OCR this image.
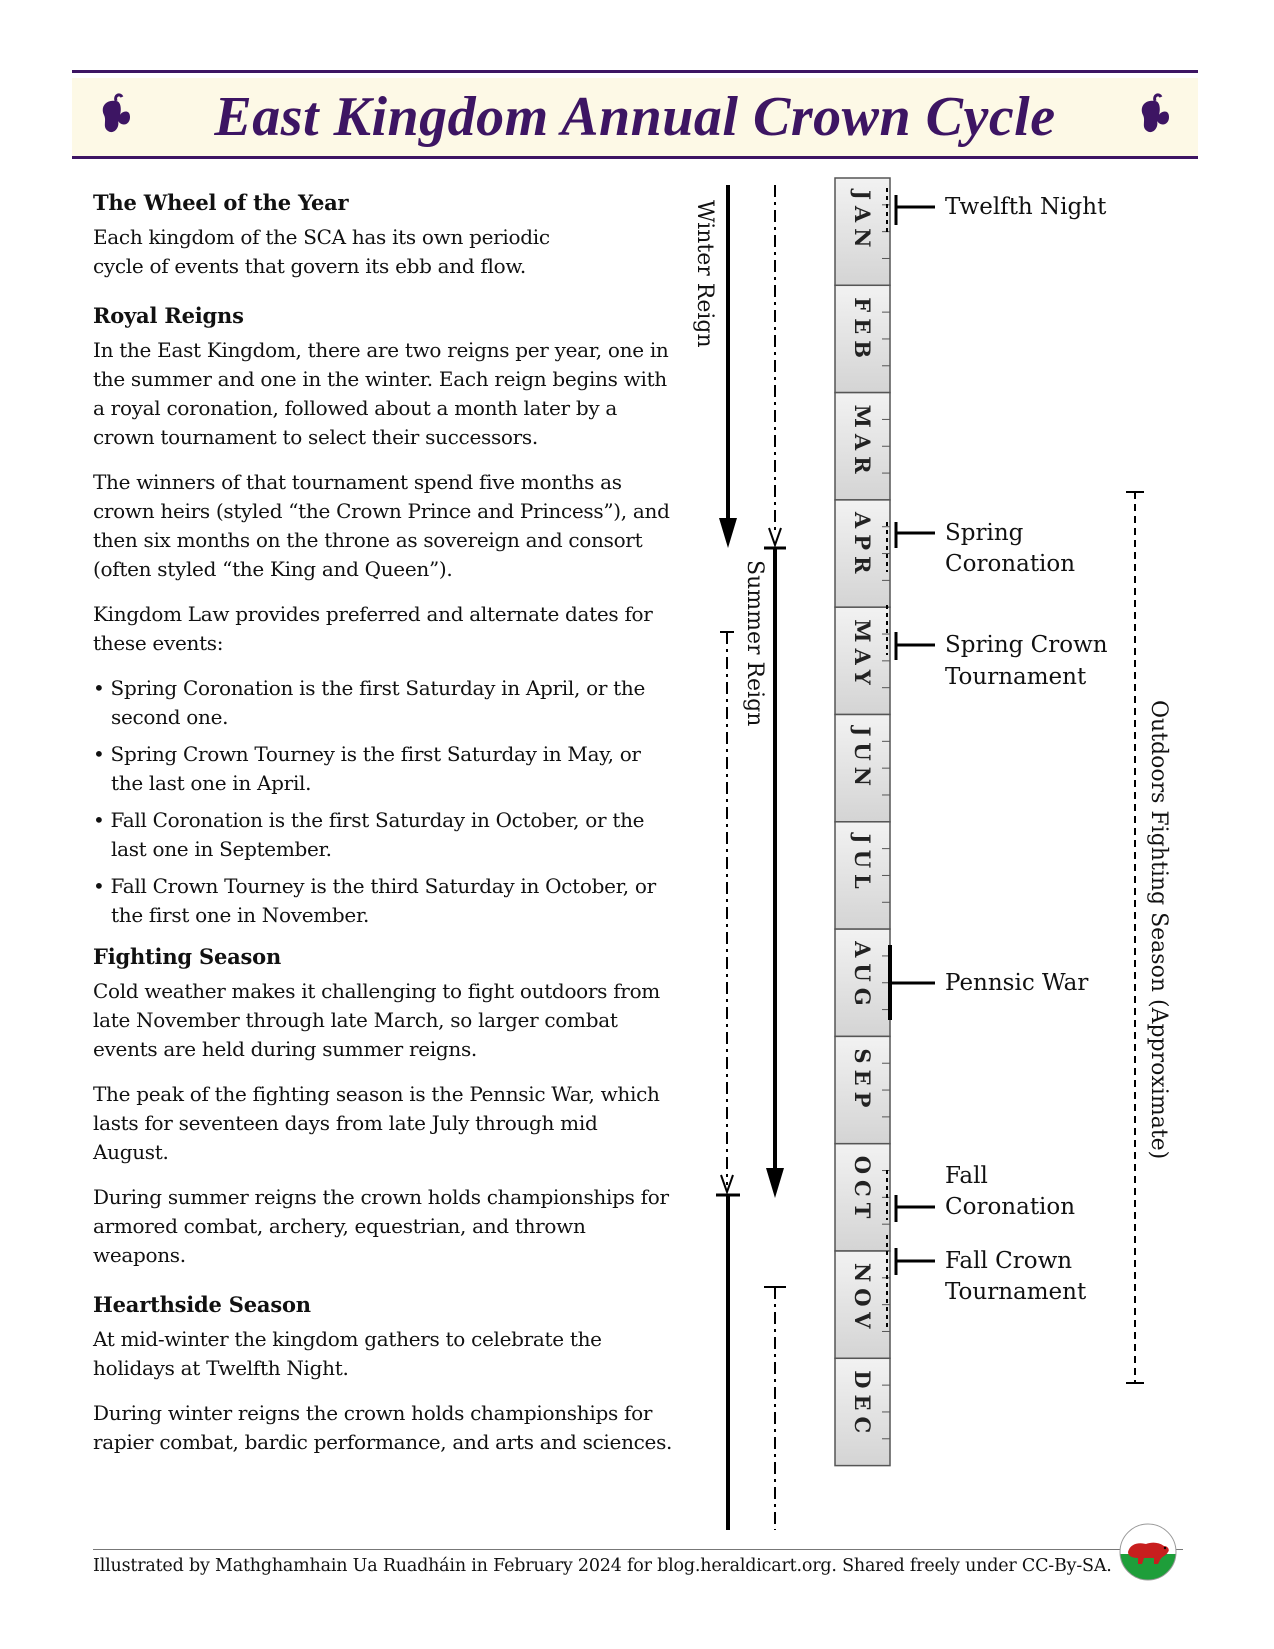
East Kingdom Annual Crown Cycle
The Wheel of the Year

Each kingdom of the SCA has its own periodic cycle of events that govern its ebb and flow.

Royal Reigns

In the East Kingdom, there are two reigns per year, one in the summer and one in the winter. Each reign begins with a royal coronation, followed about a month later by a crown tournament to select their successors.

The winners of that tournament spend five months as crown heirs (styled “the Crown Prince and Princess”), and then six months on the throne as sovereign and consort (often styled “the King and Queen”).

Kingdom Law provides preferred and alternate dates for these events:

• Spring Coronation is the first Saturday in April, or the second one.
• Spring Crown Tourney is the first Saturday in May, or the last one in April.
• Fall Coronation is the first Saturday in October, or the last one in September.
• Fall Crown Tourney is the third Saturday in October, or the first one in November.
Fighting Season

Cold weather makes it challenging to fight outdoors from late November through late March, so larger combat events are held during summer reigns.

The peak of the fighting season is the Pennsic War, which lasts for seventeen days from late July through mid August.

During summer reigns the crown holds championships for armored combat, archery, equestrian, and thrown weapons.

Hearthside Season

At mid-winter the kingdom gathers to celebrate the holidays at Twelfth Night.

During winter reigns the crown holds championships for rapier combat, bardic performance, and arts and sciences.

JAN
FEB
MAR
APR
MAY
JUN
JUL
AUG
SEP
OCT
NOV
DEC
Winter Reign
Summer Reign
Outdoors Fighting Season (Approximate)
Twelfth Night
Spring
Coronation
Spring Crown
Tournament
Pennsic War
Fall
Coronation
Fall Crown
Tournament
Illustrated by Mathghamhain Ua Ruadháin in February 2024 for blog.heraldicart.org. Shared freely under CC-By-SA.
